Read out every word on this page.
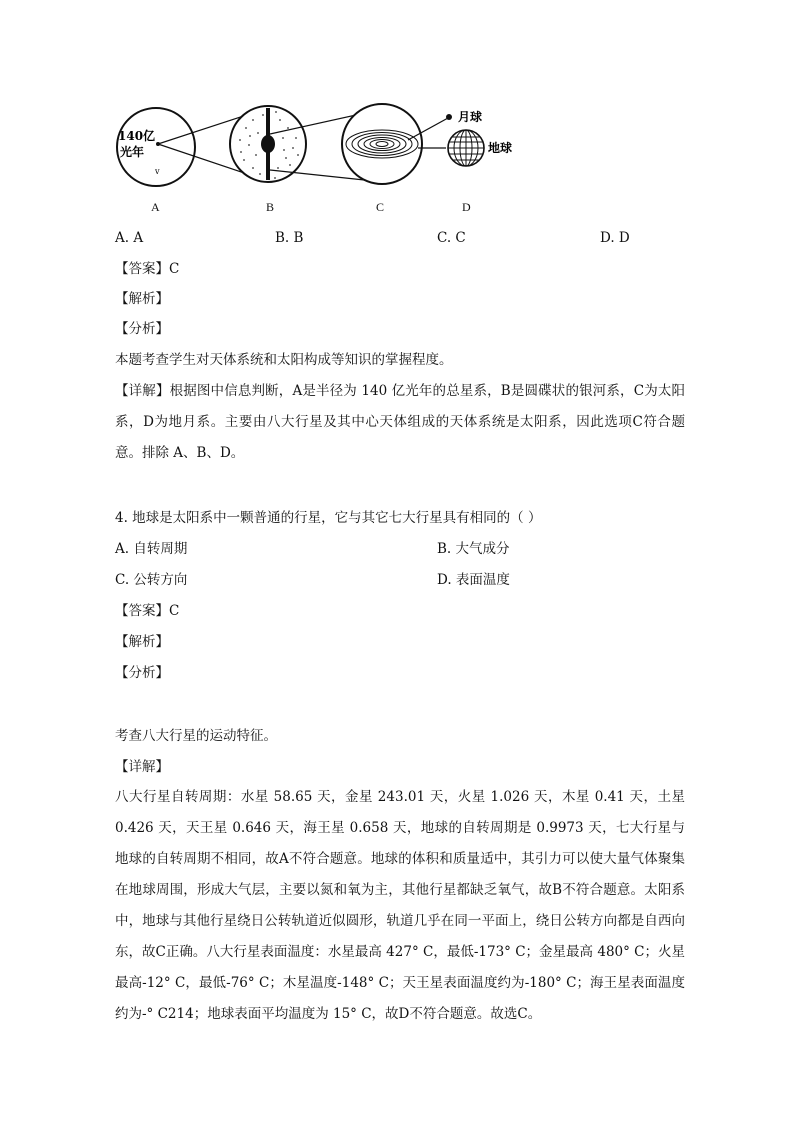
140亿
光年
v
月球
地球
A	B	C	D
A. A	B. B	C. C	D. D
【答案】C
【解析】
【分析】
本题考查学生对天体系统和太阳构成等知识的掌握程度。
【详解】根据图中信息判断，A是半径为 140 亿光年的总星系，B是圆碟状的银河系，C为太阳系，D为地月系。主要由八大行星及其中心天体组成的天体系统是太阳系，因此选项C符合题意。排除 A、B、D。
4. 地球是太阳系中一颗普通的行星，它与其它七大行星具有相同的（ ）
A. 自转周期	B. 大气成分
C. 公转方向	D. 表面温度
【答案】C
【解析】
【分析】
考查八大行星的运动特征。
【详解】
八大行星自转周期：水星 58.65 天，金星 243.01 天，火星 1.026 天，木星 0.41 天，土星 0.426 天，天王星 0.646 天，海王星 0.658 天，地球的自转周期是 0.9973 天，七大行星与地球的自转周期不相同，故A不符合题意。地球的体积和质量适中，其引力可以使大量气体聚集在地球周围，形成大气层，主要以氮和氧为主，其他行星都缺乏氧气，故B不符合题意。太阳系中，地球与其他行星绕日公转轨道近似圆形，轨道几乎在同一平面上，绕日公转方向都是自西向东，故C正确。八大行星表面温度：水星最高 427° C，最低-173° C；金星最高 480° C；火星最高-12° C，最低-76° C；木星温度-148° C；天王星表面温度约为-180° C；海王星表面温度约为-° C214；地球表面平均温度为 15° C，故D不符合题意。故选C。
